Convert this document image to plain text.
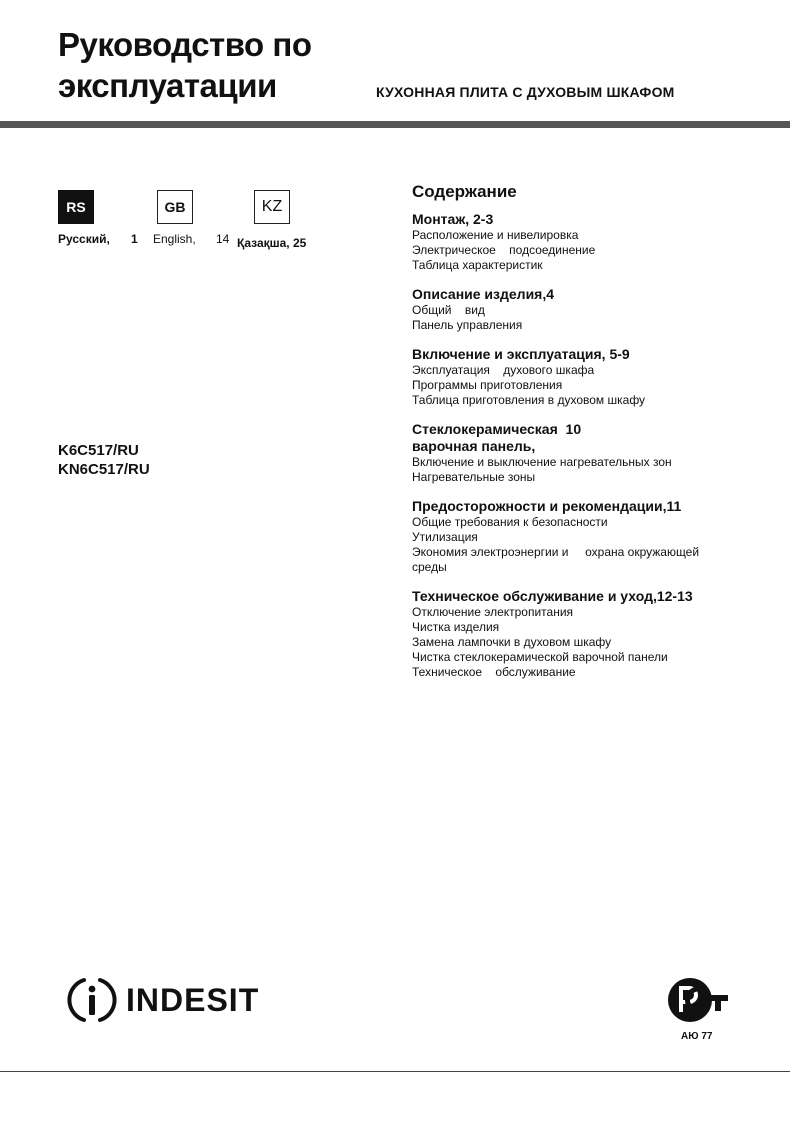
Руководство по
эксплуатации	КУХОННАЯ ПЛИТА С ДУХОВЫМ ШКАФОМ
RS	GB	KZ
Русский, 1 English, 14 Қазақша, 25
K6C517/RU
KN6C517/RU
Содержание
Монтаж, 2-3
Расположение и нивелировка
Электрическое    подсоединение
Таблица характеристик
Описание изделия,4
Общий    вид
Панель управления
Включение и эксплуатация, 5-9
Эксплуатация    духового шкафа
Программы приготовления
Таблица приготовления в духовом шкафу
Стеклокерамическая  10
варочная панель,
Включение и выключение нагревательных зон
Нагревательные зоны
Предосторожности и рекомендации,11
Общие требования к безопасности
Утилизация
Экономия электроэнергии и     охрана окружающей
среды
Техническое обслуживание и уход,12-13
Отключение электропитания
Чистка изделия
Замена лампочки в духовом шкафу
Чистка стеклокерамической варочной панели
Техническое    обслуживание
INDESIT
АЮ 77
